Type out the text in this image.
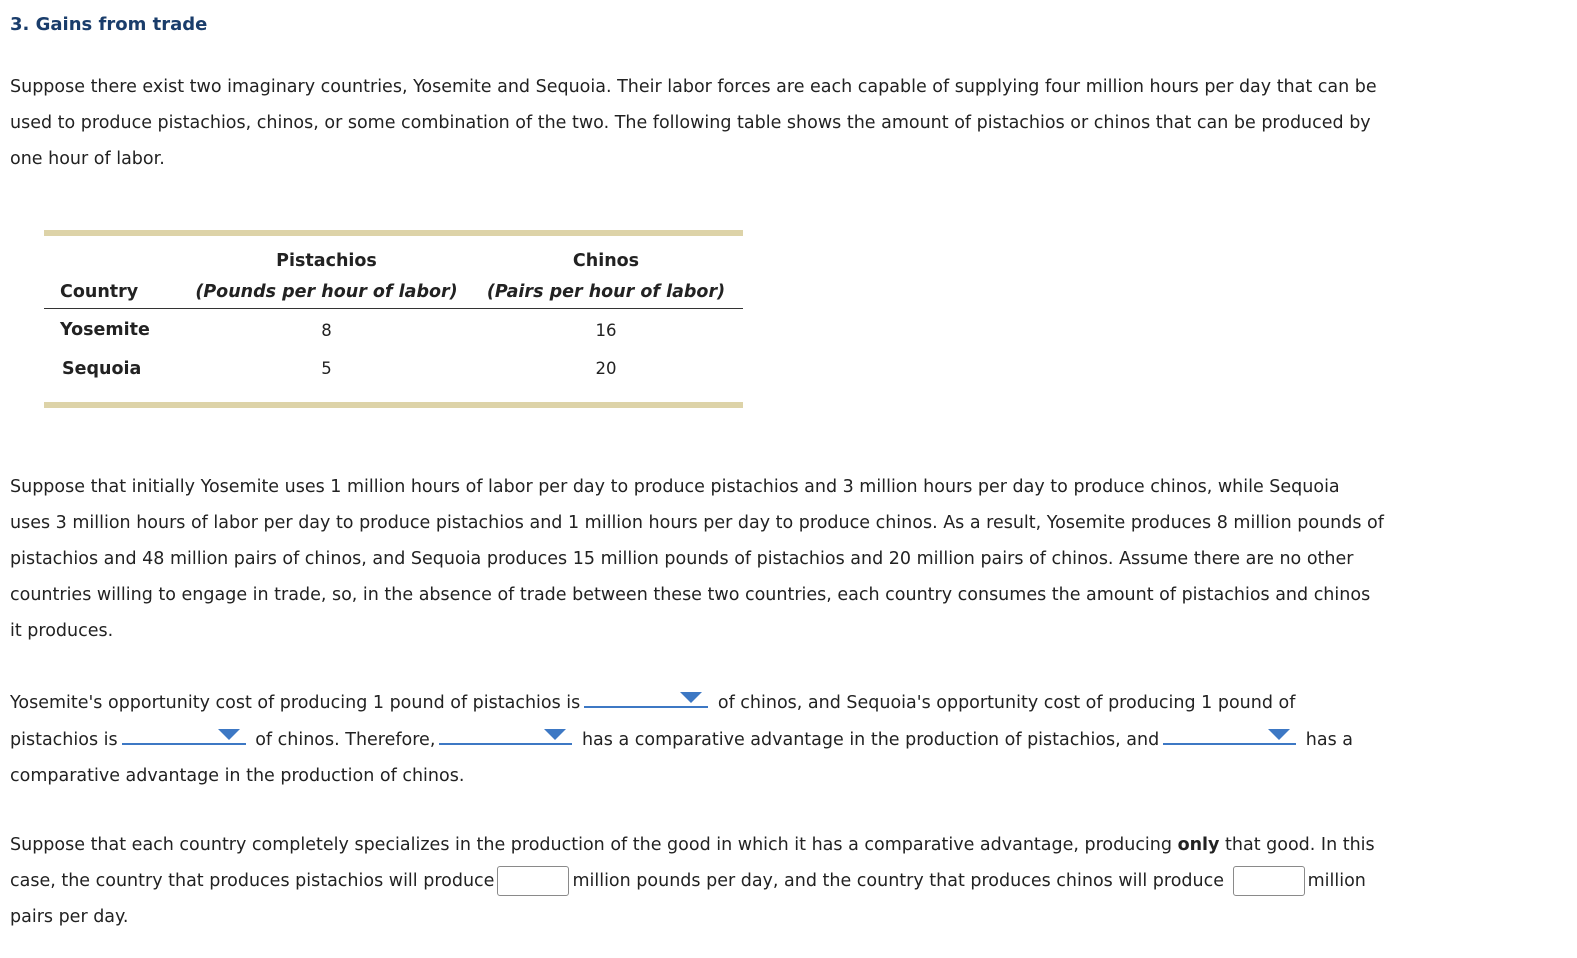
3. Gains from trade

Suppose there exist two imaginary countries, Yosemite and Sequoia. Their labor forces are each capable of supplying four million hours per day that can be used to produce pistachios, chinos, or some combination of the two. The following table shows the amount of pistachios or chinos that can be produced by one hour of labor.

	Pistachios	Chinos
Country	(Pounds per hour of labor)	(Pairs per hour of labor)
Yosemite	8	16
Sequoia	5	20

Suppose that initially Yosemite uses 1 million hours of labor per day to produce pistachios and 3 million hours per day to produce chinos, while Sequoia uses 3 million hours of labor per day to produce pistachios and 1 million hours per day to produce chinos. As a result, Yosemite produces 8 million pounds of pistachios and 48 million pairs of chinos, and Sequoia produces 15 million pounds of pistachios and 20 million pairs of chinos. Assume there are no other countries willing to engage in trade, so, in the absence of trade between these two countries, each country consumes the amount of pistachios and chinos it produces.

Yosemite's opportunity cost of producing 1 pound of pistachios is	of chinos, and Sequoia's opportunity cost of producing 1 pound of pistachios is	of chinos. Therefore,	has a comparative advantage in the production of pistachios, and	has a comparative advantage in the production of chinos.

Suppose that each country completely specializes in the production of the good in which it has a comparative advantage, producing only that good. In this case, the country that produces pistachios will produce	million pounds per day, and the country that produces chinos will produce	million pairs per day.
